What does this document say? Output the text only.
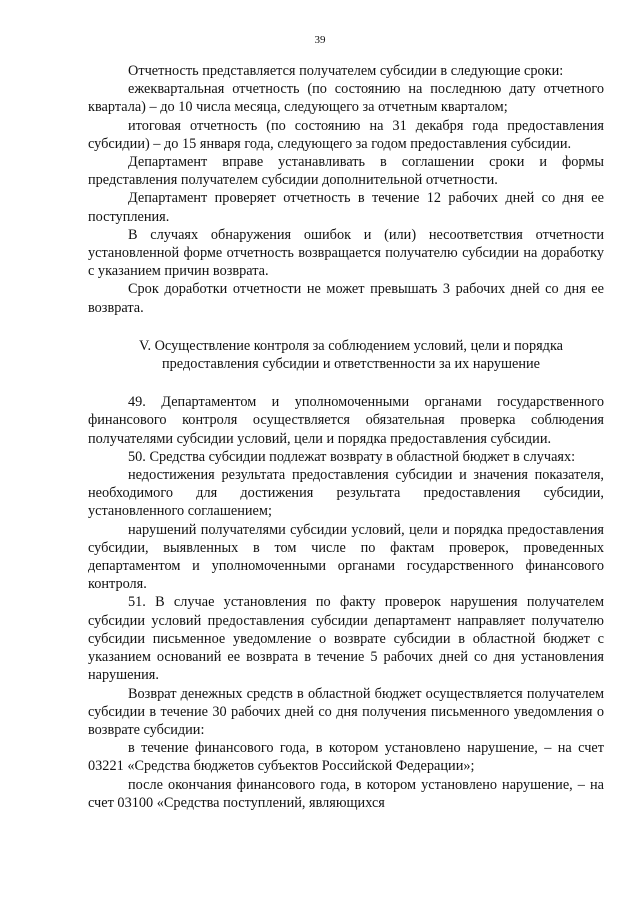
39

Отчетность представляется получателем субсидии в следующие сроки:

ежеквартальная отчетность (по состоянию на последнюю дату отчетного квартала) – до 10 числа месяца, следующего за отчетным кварталом;

итоговая отчетность (по состоянию на 31 декабря года предоставления субсидии) – до 15 января года, следующего за годом предоставления субсидии.

Департамент вправе устанавливать в соглашении сроки и формы представления получателем субсидии дополнительной отчетности.

Департамент проверяет отчетность в течение 12 рабочих дней со дня ее поступления.

В случаях обнаружения ошибок и (или) несоответствия отчетности установленной форме отчетность возвращается получателю субсидии на доработку с указанием причин возврата.

Срок доработки отчетности не может превышать 3 рабочих дней со дня ее возврата.

V. Осуществление контроля за соблюдением условий, цели и порядка
предоставления субсидии и ответственности за их нарушение

49. Департаментом и уполномоченными органами государственного финансового контроля осуществляется обязательная проверка соблюдения получателями субсидии условий, цели и порядка предоставления субсидии.

50. Средства субсидии подлежат возврату в областной бюджет в случаях:

недостижения результата предоставления субсидии и значения показателя, необходимого для достижения результата предоставления субсидии, установленного соглашением;

нарушений получателями субсидии условий, цели и порядка предоставления субсидии, выявленных в том числе по фактам проверок, проведенных департаментом и уполномоченными органами государственного финансового контроля.

51. В случае установления по факту проверок нарушения получателем субсидии условий предоставления субсидии департамент направляет получателю субсидии письменное уведомление о возврате субсидии в областной бюджет с указанием оснований ее возврата в течение 5 рабочих дней со дня установления нарушения.

Возврат денежных средств в областной бюджет осуществляется получателем субсидии в течение 30 рабочих дней со дня получения письменного уведомления о возврате субсидии:

в течение финансового года, в котором установлено нарушение, – на счет 03221 «Средства бюджетов субъектов Российской Федерации»;

после окончания финансового года, в котором установлено нарушение, – на счет 03100 «Средства поступлений, являющихся
